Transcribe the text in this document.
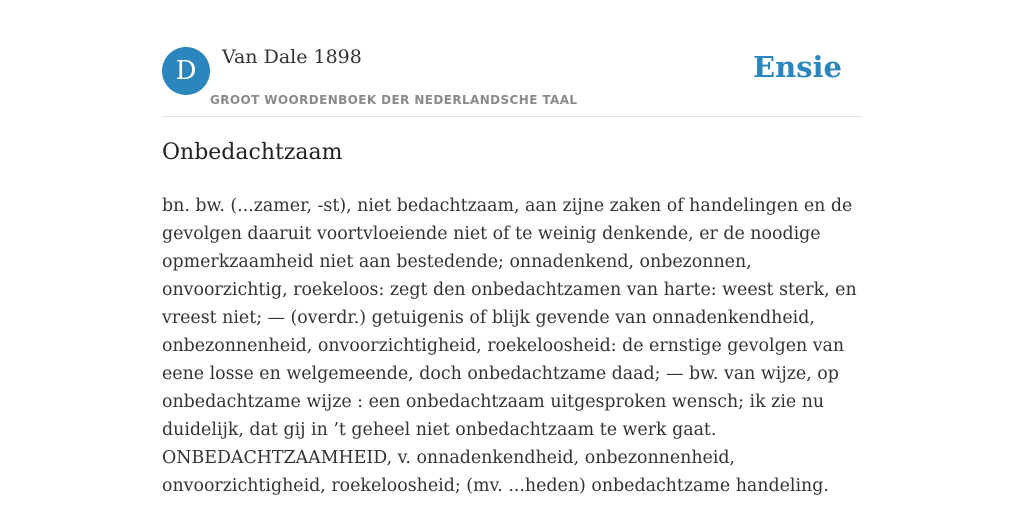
D	Van Dale 1898
GROOT WOORDENBOEK DER NEDERLANDSCHE TAAL
Ensie
Onbedachtzaam
bn. bw. (...zamer, -st), niet bedachtzaam, aan zijne zaken of handelingen en de
gevolgen daaruit voortvloeiende niet of te weinig denkende, er de noodige
opmerkzaamheid niet aan bestedende; onnadenkend, onbezonnen,
onvoorzichtig, roekeloos: zegt den onbedachtzamen van harte: weest sterk, en
vreest niet; — (overdr.) getuigenis of blijk gevende van onnadenkendheid,
onbezonnenheid, onvoorzichtigheid, roekeloosheid: de ernstige gevolgen van
eene losse en welgemeende, doch onbedachtzame daad; — bw. van wijze, op
onbedachtzame wijze : een onbedachtzaam uitgesproken wensch; ik zie nu
duidelijk, dat gij in ’t geheel niet onbedachtzaam te werk gaat.
ONBEDACHTZAAMHEID, v. onnadenkendheid, onbezonnenheid,
onvoorzichtigheid, roekeloosheid; (mv. ...heden) onbedachtzame handeling.
